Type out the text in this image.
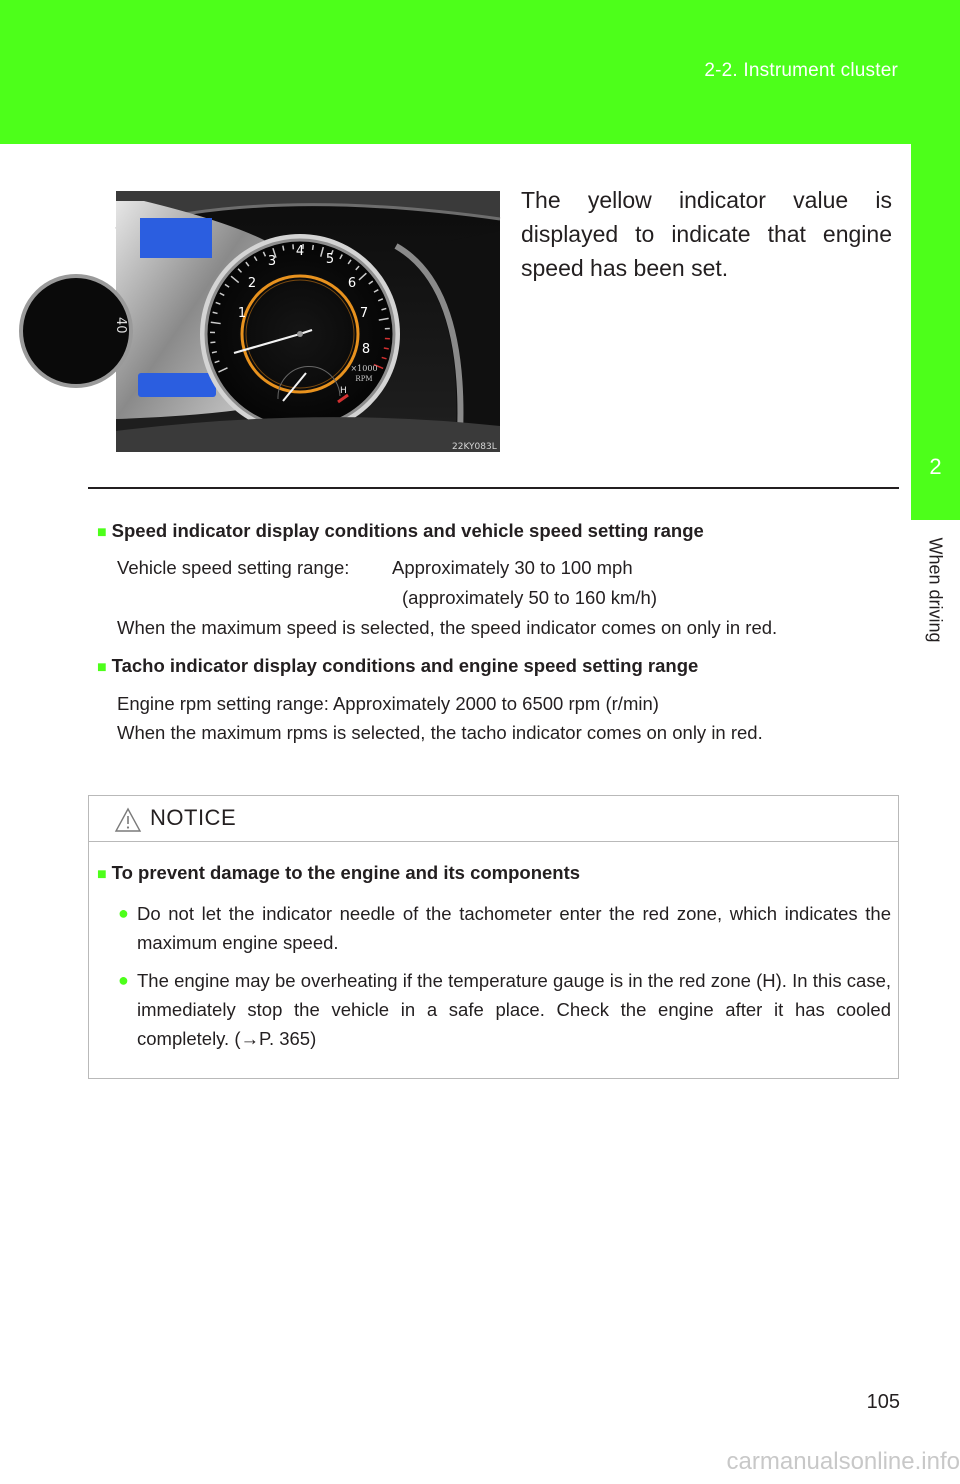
2-2. Instrument cluster
2
When driving
40
1
2
3
4
5
6
7
8
×1000
RPM
H
22KY083L
The yellow indicator value is displayed to indicate that engine speed has been set.
■ Speed indicator display conditions and vehicle speed setting range
Vehicle speed setting range: Approximately 30 to 100 mph
(approximately 50 to 160 km/h)
When the maximum speed is selected, the speed indicator comes on only in red.
■ Tacho indicator display conditions and engine speed setting range
Engine rpm setting range: Approximately 2000 to 6500 rpm (r/min)
When the maximum rpms is selected, the tacho indicator comes on only in red.
NOTICE
■ To prevent damage to the engine and its components
● Do not let the indicator needle of the tachometer enter the red zone, which indicates the maximum engine speed.
● The engine may be overheating if the temperature gauge is in the red zone (H). In this case, immediately stop the vehicle in a safe place. Check the engine after it has cooled completely. (→P. 365)
105
carmanualsonline.info
